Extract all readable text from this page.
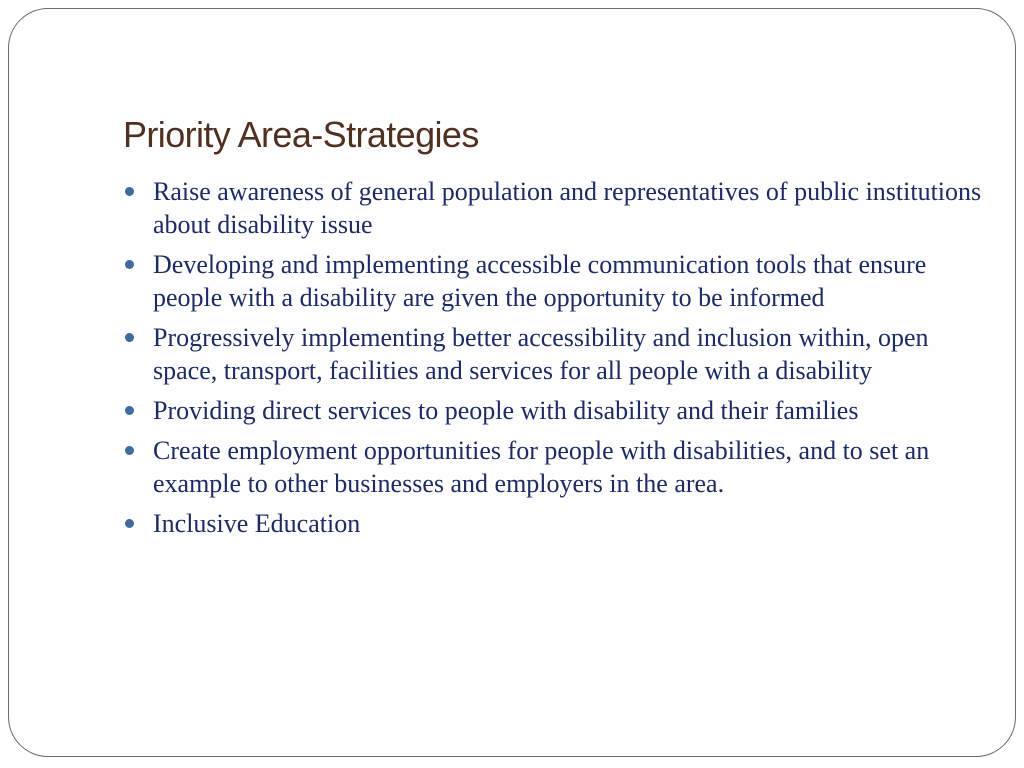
Priority Area-Strategies
Raise awareness of general population and representatives of public institutions about disability issue
Developing and implementing accessible communication tools that ensure people with a disability are given the opportunity to be informed
Progressively implementing better accessibility and inclusion within, open space, transport, facilities and services for all people with a disability
Providing direct services to people with disability and their families
Create employment opportunities for people with disabilities, and to set an example to other businesses and employers in the area.
Inclusive Education
